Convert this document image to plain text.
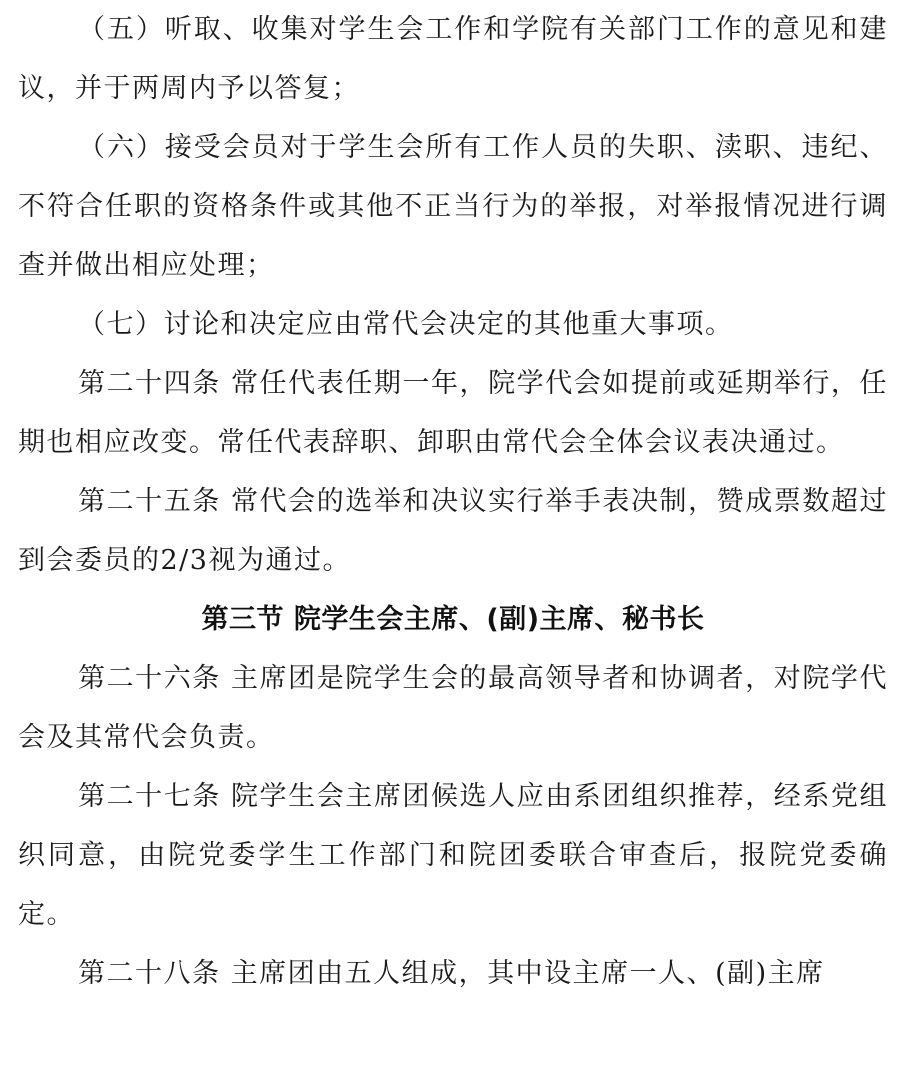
（五）听取、收集对学生会工作和学院有关部门工作的意见和建议，并于两周内予以答复；

（六）接受会员对于学生会所有工作人员的失职、渎职、违纪、不符合任职的资格条件或其他不正当行为的举报，对举报情况进行调查并做出相应处理；

（七）讨论和决定应由常代会决定的其他重大事项。

第二十四条 常任代表任期一年，院学代会如提前或延期举行，任期也相应改变。常任代表辞职、卸职由常代会全体会议表决通过。

第二十五条 常代会的选举和决议实行举手表决制，赞成票数超过到会委员的2/3视为通过。

第三节 院学生会主席、(副)主席、秘书长

第二十六条 主席团是院学生会的最高领导者和协调者，对院学代会及其常代会负责。

第二十七条 院学生会主席团候选人应由系团组织推荐，经系党组织同意，由院党委学生工作部门和院团委联合审查后，报院党委确定。

第二十八条 主席团由五人组成，其中设主席一人、(副)主席
